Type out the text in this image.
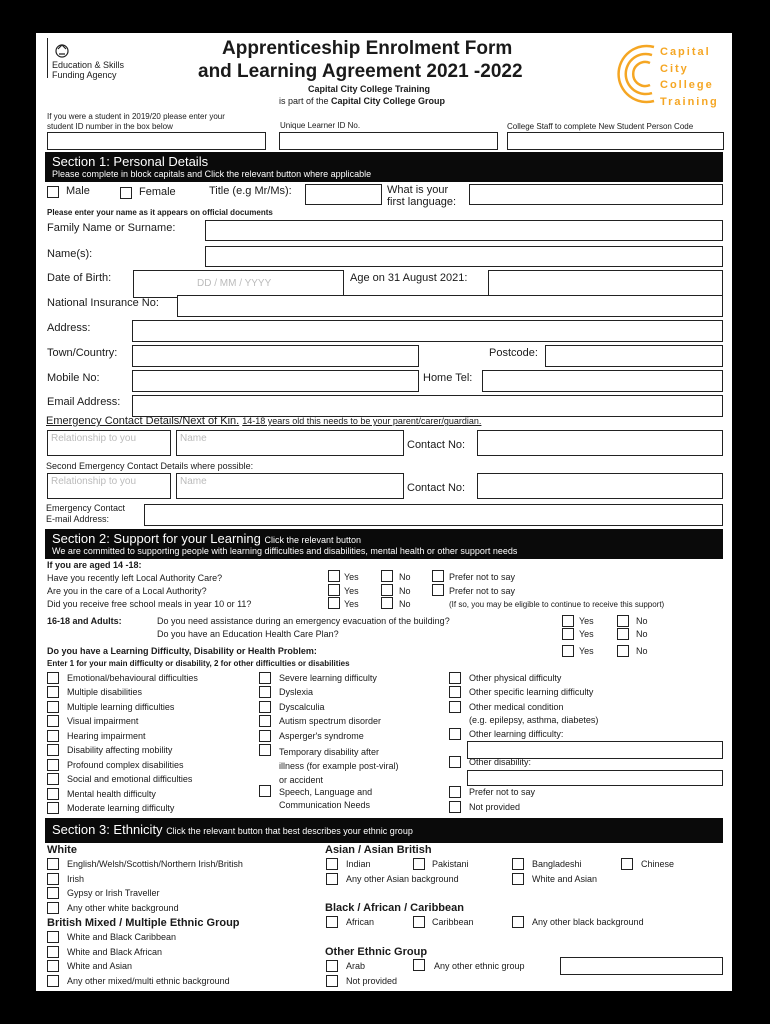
Education & Skills
Funding Agency
Apprenticeship Enrolment Form
and Learning Agreement 2021 -2022
Capital City College Training
is part of the Capital City College Group
Capital
City
College
Training
If you were a student in 2019/20 please enter your
student ID number in the box below	Unique Learner ID No.	College Staff to complete New Student Person Code
Section 1: Personal Details
Please complete in block capitals and Click the relevant button where applicable
Male	Female	Title (e.g Mr/Ms):	What is your
first language:
Please enter your name as it appears on official documents
Family Name or Surname:
Name(s):
Date of Birth:	DD / MM / YYYY	Age on 31 August 2021:
National Insurance No:
Address:
Town/Country:	Postcode:
Mobile No:	Home Tel:
Email Address:
Emergency Contact Details/Next of Kin. 14-18 years old this needs to be your parent/carer/guardian.
Relationship to you	Name
Contact No:
Second Emergency Contact Details where possible:
Relationship to you	Name
Contact No:
Emergency Contact
E-mail Address:
Section 2: Support for your Learning Click the relevant button
We are committed to supporting people with learning difficulties and disabilities, mental health or other support needs
If you are aged 14 -18:
Have you recently left Local Authority Care?
Are you in the care of a Local Authority?
Did you receive free school meals in year 10 or 11?
Yes	No	Prefer not to say
Yes	No	Prefer not to say
Yes	No	(If so, you may be eligible to continue to receive this support)
16-18 and Adults:	Do you need assistance during an emergency evacuation of the building?
Do you have an Education Health Care Plan?
Yes	No
Yes	No
Do you have a Learning Difficulty, Disability or Health Problem:	Yes	No
Enter 1 for your main difficulty or disability, 2 for other difficulties or disabilities
Emotional/behavioural difficulties
Multiple disabilities
Multiple learning difficulties
Visual impairment
Hearing impairment
Disability affecting mobility
Profound complex disabilities
Social and emotional difficulties
Mental health difficulty
Moderate learning difficulty
Severe learning difficulty
Dyslexia
Dyscalculia
Autism spectrum disorder
Asperger's syndrome
Temporary disability after
illness (for example post-viral)
or accident
Speech, Language and
Communication Needs
Other physical difficulty
Other specific learning difficulty
Other medical condition
(e.g. epilepsy, asthma, diabetes)
Other learning difficulty:
Other disability:
Prefer not to say
Not provided
Section 3: Ethnicity Click the relevant button that best describes your ethnic group
White
English/Welsh/Scottish/Northern Irish/British
Irish
Gypsy or Irish Traveller
Any other white background
British Mixed / Multiple Ethnic Group
White and Black Caribbean
White and Black African
White and Asian
Any other mixed/multi ethnic background
Asian / Asian British
Indian	Pakistani	Bangladeshi	Chinese
Any other Asian background	White and Asian
Black / African / Caribbean
African	Caribbean	Any other black background
Other Ethnic Group
Arab	Any other ethnic group
Not provided
